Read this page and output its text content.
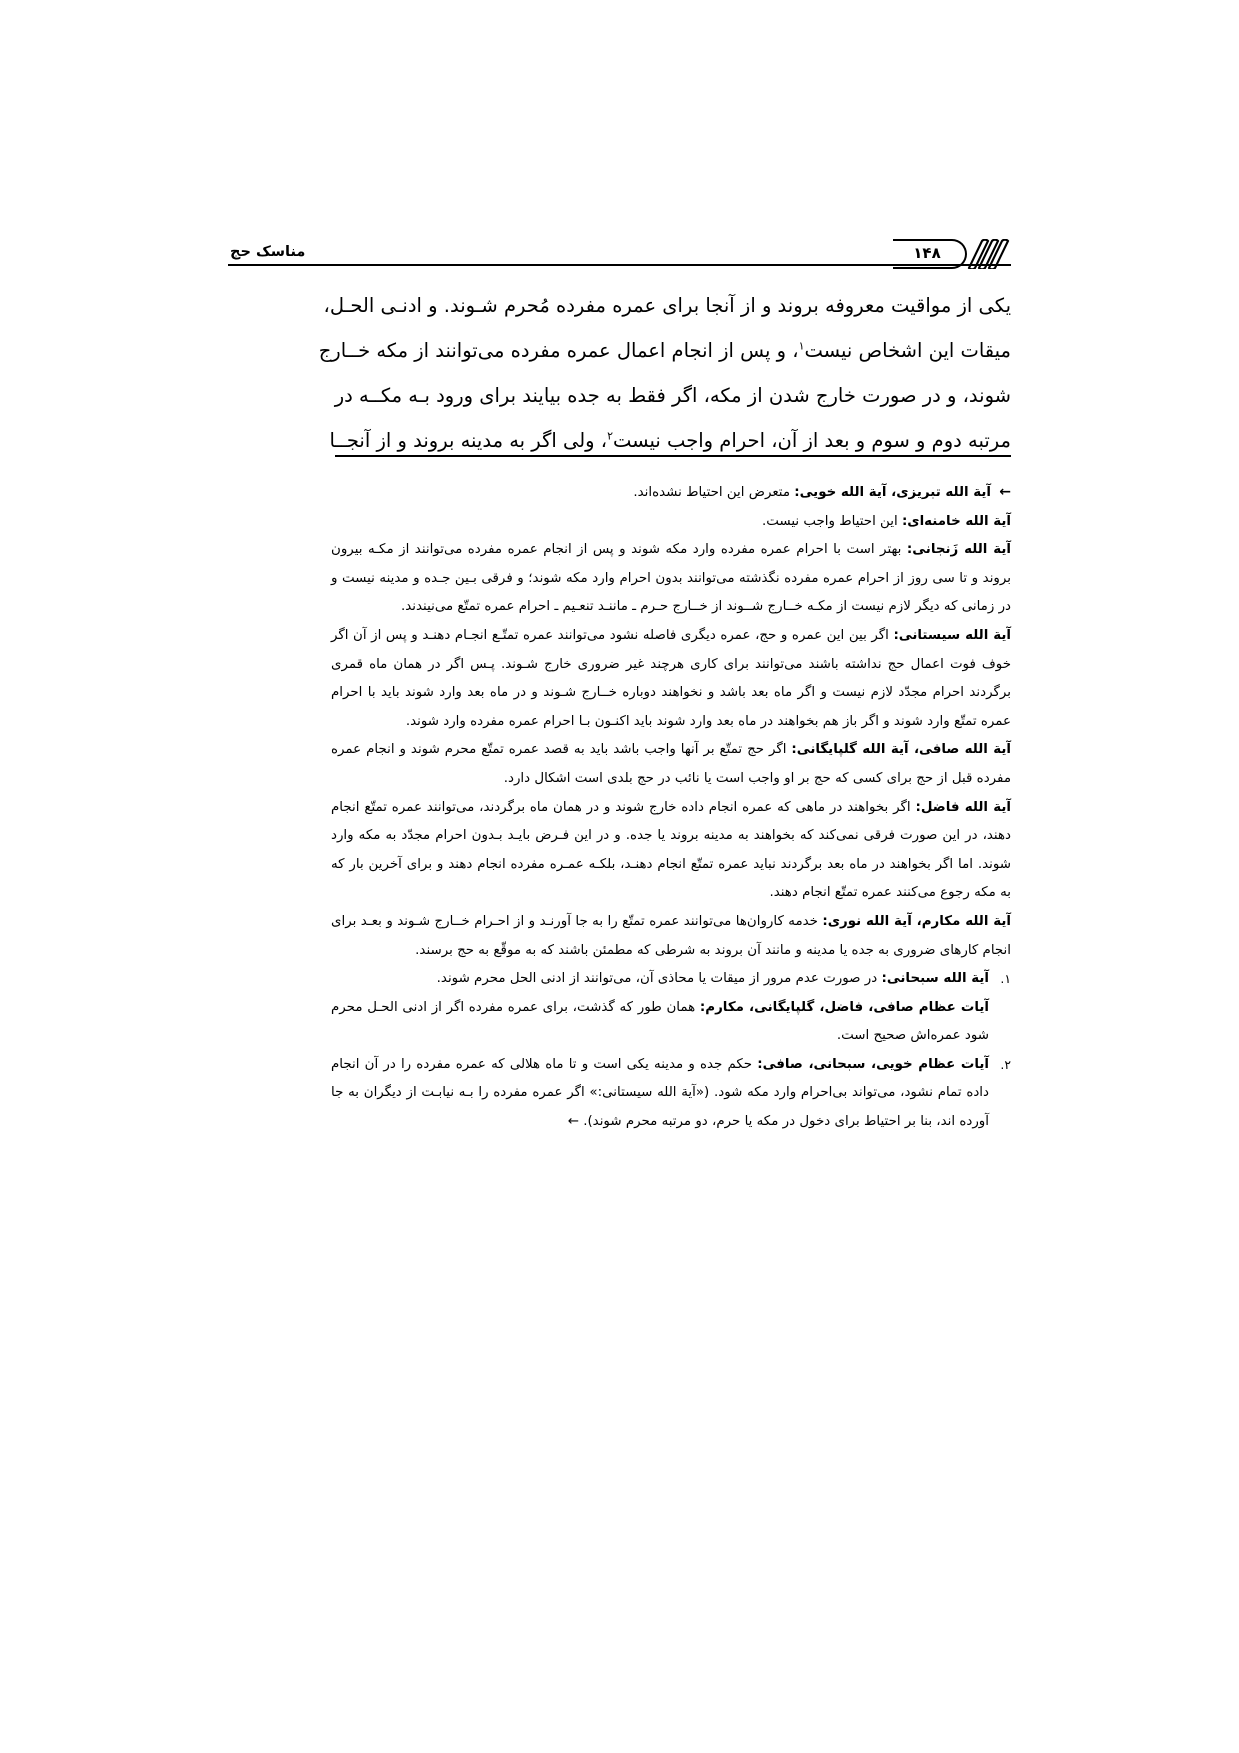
مناسک حج	۱۴۸

یکی از مواقیت معروفه بروند و از آنجا برای عمره مفرده مُحرم شـوند. و ادنـی الحـل،
میقات این اشخاص نیست$^۱$، و پس از انجام اعمال عمره مفرده می‌توانند از مکه خــارج
شوند، و در صورت خارج شدن از مکه، اگر فقط به جده بیایند برای ورود بـه مکــه در
مرتبه دوم و سوم و بعد از آن، احرام واجب نیست$^۲$، ولی اگر به مدینه بروند و از آنجــا

← آیة الله تبریزی، آیة الله خویی: متعرض این احتیاط نشده‌اند.

آیة الله خامنه‌ای: این احتیاط واجب نیست.

آیة الله زَنجانی: بهتر است با احرام عمره مفرده وارد مکه شوند و پس از انجام عمره مفرده می‌توانند از مکـه بیرون بروند و تا سی روز از احرام عمره مفرده نگذشته می‌توانند بدون احرام وارد مکه شوند؛ و فرقی بـین جـده و مدینه نیست و در زمانی که دیگر لازم نیست از مکـه خــارج شــوند از خــارج حـرم ـ ماننـد تنعـیم ـ احرام عمره تمتّع می‌نیندند.

آیة الله سیستانی: اگر بین این عمره و حج، عمره دیگری فاصله نشود می‌توانند عمره تمتّـع انجـام دهنـد و پس از آن اگر خوف فوت اعمال حج نداشته باشند می‌توانند برای کاری هرچند غیر ضروری خارج شـوند. پـس اگر در همان ماه قمری برگردند احرام مجدّد لازم نیست و اگر ماه بعد باشد و نخواهند دوباره خــارج شـوند و در ماه بعد وارد شوند باید با احرام عمره تمتّع وارد شوند و اگر باز هم بخواهند در ماه بعد وارد شوند باید اکنـون بـا احرام عمره مفرده وارد شوند.

آیة الله صافی، آیة الله گلپایگانی: اگر حج تمتّع بر آنها واجب باشد باید به قصد عمره تمتّع محرم شوند و انجام عمره مفرده قبل از حج برای کسی که حج بر او واجب است یا نائب در حج بلدی است اشکال دارد.

آیة الله فاضل: اگر بخواهند در ماهی که عمره انجام داده خارج شوند و در همان ماه برگردند، می‌توانند عمره تمتّع انجام دهند، در این صورت فرقی نمی‌کند که بخواهند به مدینه بروند یا جده. و در این فـرض بایـد بـدون احرام مجدّد به مکه وارد شوند. اما اگر بخواهند در ماه بعد برگردند نباید عمره تمتّع انجام دهنـد، بلکـه عمـره مفرده انجام دهند و برای آخرین بار که به مکه رجوع می‌کنند عمره تمتّع انجام دهند.

آیة الله مکارم، آیة الله نوری: خدمه کاروان‌ها می‌توانند عمره تمتّع را به جا آورنـد و از احـرام خــارج شـوند و بعـد برای انجام کارهای ضروری به جده یا مدینه و مانند آن بروند به شرطی که مطمئن باشند که به موقّع به حج برسند.

۱.
آیة الله سبحانی: در صورت عدم مرور از میقات یا محاذی آن، می‌توانند از ادنی الحل محرم شوند.
آیات عظام صافی، فاضل، گلپایگانی، مکارم: همان طور که گذشت، برای عمره مفرده اگر از ادنی الحـل محرم شود عمره‌اش صحیح است.
۲.
آیات عظام خویی، سبحانی، صافی: حکم جده و مدینه یکی است و تا ماه هلالی که عمره مفرده را در آن انجام داده تمام نشود، می‌تواند بی‌احرام وارد مکه شود. («آیة الله سیستانی:» اگر عمره مفرده را بـه نیابـت از دیگران به جا آورده اند، بنا بر احتیاط برای دخول در مکه یا حرم، دو مرتبه محرم شوند). ←
